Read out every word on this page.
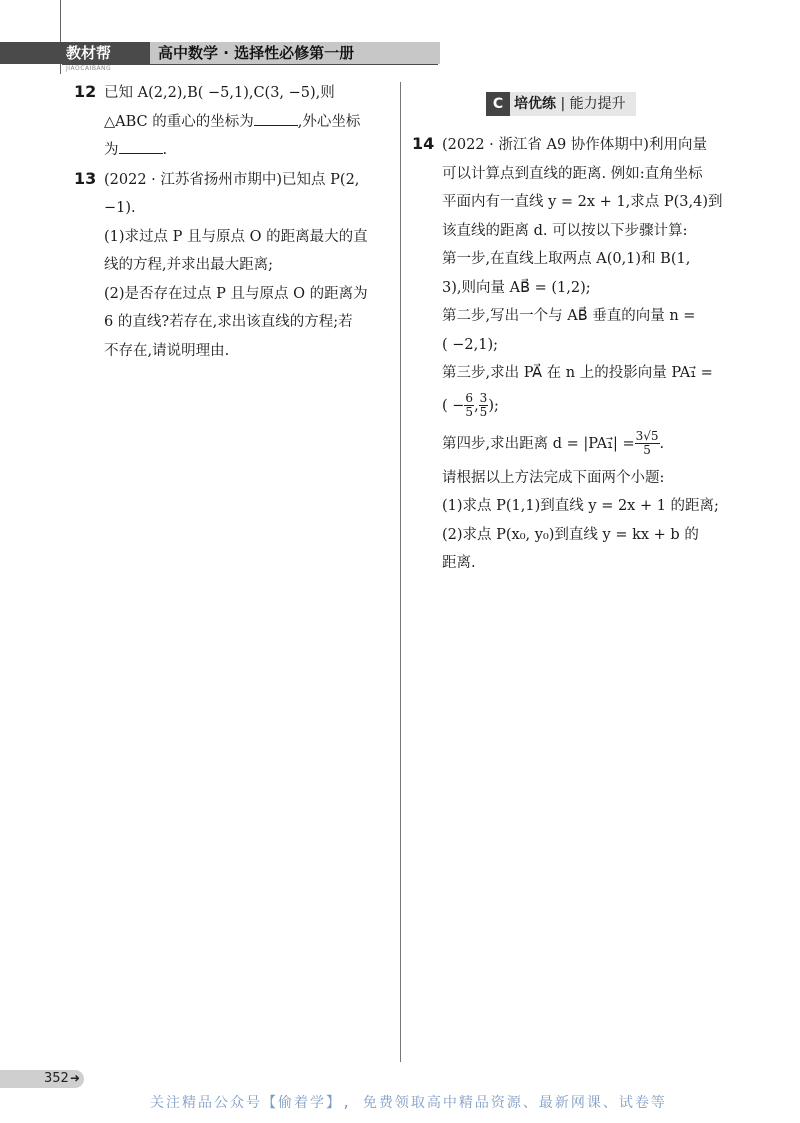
教材帮	高中数学 · 选择性必修第一册
JIAOCAIBANG
12 已知 A(2,2),B( −5,1),C(3, −5),则
△ABC 的重心的坐标为	,外心坐标
为	.
13 (2022 · 江苏省扬州市期中)已知点 P(2,
−1).
(1)求过点 P 且与原点 O 的距离最大的直
线的方程,并求出最大距离;
(2)是否存在过点 P 且与原点 O 的距离为
6 的直线?若存在,求出该直线的方程;若
不存在,请说明理由.
C 培优练 | 能力提升
14 (2022 · 浙江省 A9 协作体期中)利用向量
可以计算点到直线的距离. 例如:直角坐标
平面内有一直线 y = 2x + 1,求点 P(3,4)到
该直线的距离 d. 可以按以下步骤计算:
第一步,在直线上取两点 A(0,1)和 B(1,
3),则向量 AB⃗ = (1,2);
第二步,写出一个与 AB⃗ 垂直的向量 n =
( −2,1);
第三步,求出 PA⃗ 在 n 上的投影向量 PA₁⃗ =
( − $\frac{6}{5}$ , $\frac{3}{5}$ );
第四步,求出距离 d = |PA₁⃗| = $\frac{3√5}{5}$ .
请根据以上方法完成下面两个小题:
(1)求点 P(1,1)到直线 y = 2x + 1 的距离;
(2)求点 P(x₀, y₀)到直线 y = kx + b 的
距离.
352 ➜
关注精品公众号【偷着学】, 免费领取高中精品资源、最新网课、试卷等
